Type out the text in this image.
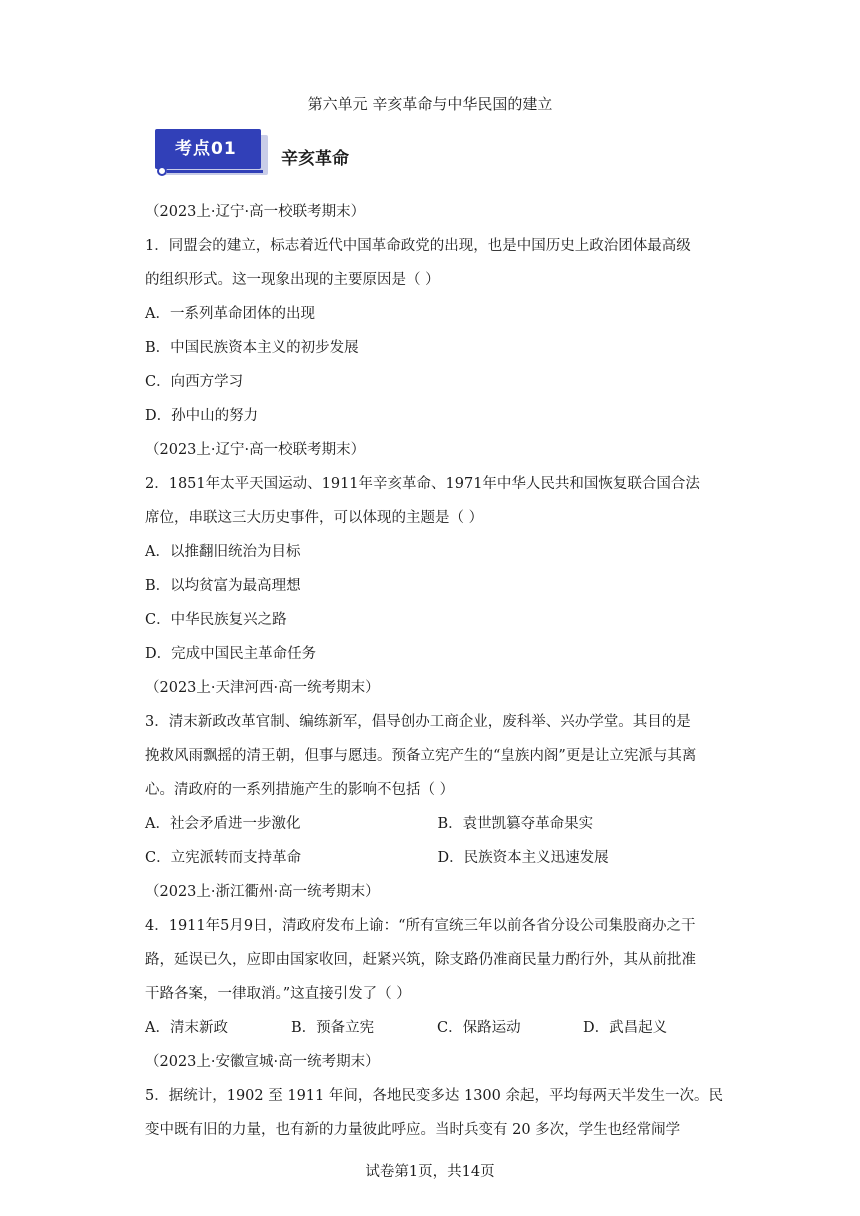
第六单元 辛亥革命与中华民国的建立
考点01	辛亥革命
（2023上·辽宁·高一校联考期末）
1．同盟会的建立，标志着近代中国革命政党的出现，也是中国历史上政治团体最高级
的组织形式。这一现象出现的主要原因是（ ）
A．一系列革命团体的出现
B．中国民族资本主义的初步发展
C．向西方学习
D．孙中山的努力
（2023上·辽宁·高一校联考期末）
2．1851年太平天国运动、1911年辛亥革命、1971年中华人民共和国恢复联合国合法
席位，串联这三大历史事件，可以体现的主题是（ ）
A．以推翻旧统治为目标
B．以均贫富为最高理想
C．中华民族复兴之路
D．完成中国民主革命任务
（2023上·天津河西·高一统考期末）
3．清末新政改革官制、编练新军，倡导创办工商企业，废科举、兴办学堂。其目的是
挽救风雨飘摇的清王朝，但事与愿违。预备立宪产生的“皇族内阁”更是让立宪派与其离
心。清政府的一系列措施产生的影响不包括（ ）
A．社会矛盾进一步激化	B．袁世凯篡夺革命果实
C．立宪派转而支持革命	D．民族资本主义迅速发展
（2023上·浙江衢州·高一统考期末）
4．1911年5月9日，清政府发布上谕：“所有宣统三年以前各省分设公司集股商办之干
路，延误已久，应即由国家收回，赶紧兴筑，除支路仍准商民量力酌行外，其从前批准
干路各案，一律取消。”这直接引发了（ ）
A．清末新政	B．预备立宪	C．保路运动	D．武昌起义
（2023上·安徽宣城·高一统考期末）
5．据统计，1902 至 1911 年间，各地民变多达 1300 余起，平均每两天半发生一次。民
变中既有旧的力量，也有新的力量彼此呼应。当时兵变有 20 多次，学生也经常闹学
试卷第1页，共14页
